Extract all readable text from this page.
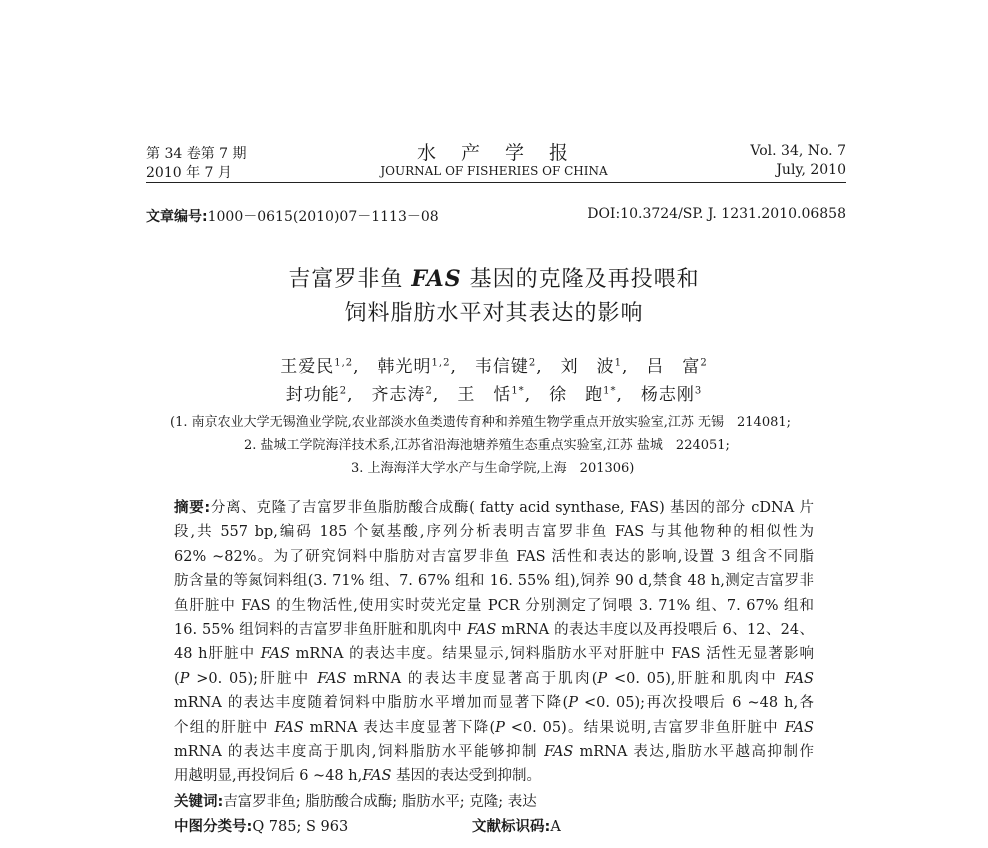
第 34 卷第 7 期
2010 年 7 月
水　产　学　报
JOURNAL OF FISHERIES OF CHINA
Vol. 34, No. 7
July, 2010
文章编号:1000－0615(2010)07－1113－08	DOI:10.3724/SP. J. 1231.2010.06858
吉富罗非鱼 FAS 基因的克隆及再投喂和
饲料脂肪水平对其表达的影响
王爱民$^{1,2}$,　韩光明$^{1,2}$,　韦信键$^2$,　刘　波$^1$,　吕　富$^2$
封功能$^2$,　齐志涛$^2$,　王　恬$^{1*}$,　徐　跑$^{1*}$,　杨志刚$^3$
(1. 南京农业大学无锡渔业学院,农业部淡水鱼类遗传育种和养殖生物学重点开放实验室,江苏 无锡　214081;
2. 盐城工学院海洋技术系,江苏省沿海池塘养殖生态重点实验室,江苏 盐城　224051;
3. 上海海洋大学水产与生命学院,上海　201306)
摘要:分离、克隆了吉富罗非鱼脂肪酸合成酶( fatty acid synthase, FAS) 基因的部分 cDNA 片
段,共 557 bp,编码 185 个氨基酸,序列分析表明吉富罗非鱼 FAS 与其他物种的相似性为
62% ~82%。为了研究饲料中脂肪对吉富罗非鱼 FAS 活性和表达的影响,设置 3 组含不同脂
肪含量的等氮饲料组(3. 71% 组、7. 67% 组和 16. 55% 组),饲养 90 d,禁食 48 h,测定吉富罗非
鱼肝脏中 FAS 的生物活性,使用实时荧光定量 PCR 分别测定了饲喂 3. 71% 组、7. 67% 组和
16. 55% 组饲料的吉富罗非鱼肝脏和肌肉中 FAS mRNA 的表达丰度以及再投喂后 6、12、24、
48 h肝脏中 FAS mRNA 的表达丰度。结果显示,饲料脂肪水平对肝脏中 FAS 活性无显著影响
(P >0. 05);肝脏中 FAS mRNA 的表达丰度显著高于肌肉(P <0. 05),肝脏和肌肉中 FAS
mRNA 的表达丰度随着饲料中脂肪水平增加而显著下降(P <0. 05);再次投喂后 6 ~48 h,各
个组的肝脏中 FAS mRNA 表达丰度显著下降(P <0. 05)。结果说明,吉富罗非鱼肝脏中 FAS
mRNA 的表达丰度高于肌肉,饲料脂肪水平能够抑制 FAS mRNA 表达,脂肪水平越高抑制作
用越明显,再投饲后 6 ~48 h,FAS 基因的表达受到抑制。
关键词:吉富罗非鱼; 脂肪酸合成酶; 脂肪水平; 克隆; 表达
中图分类号:Q 785; S 963	文献标识码:A
